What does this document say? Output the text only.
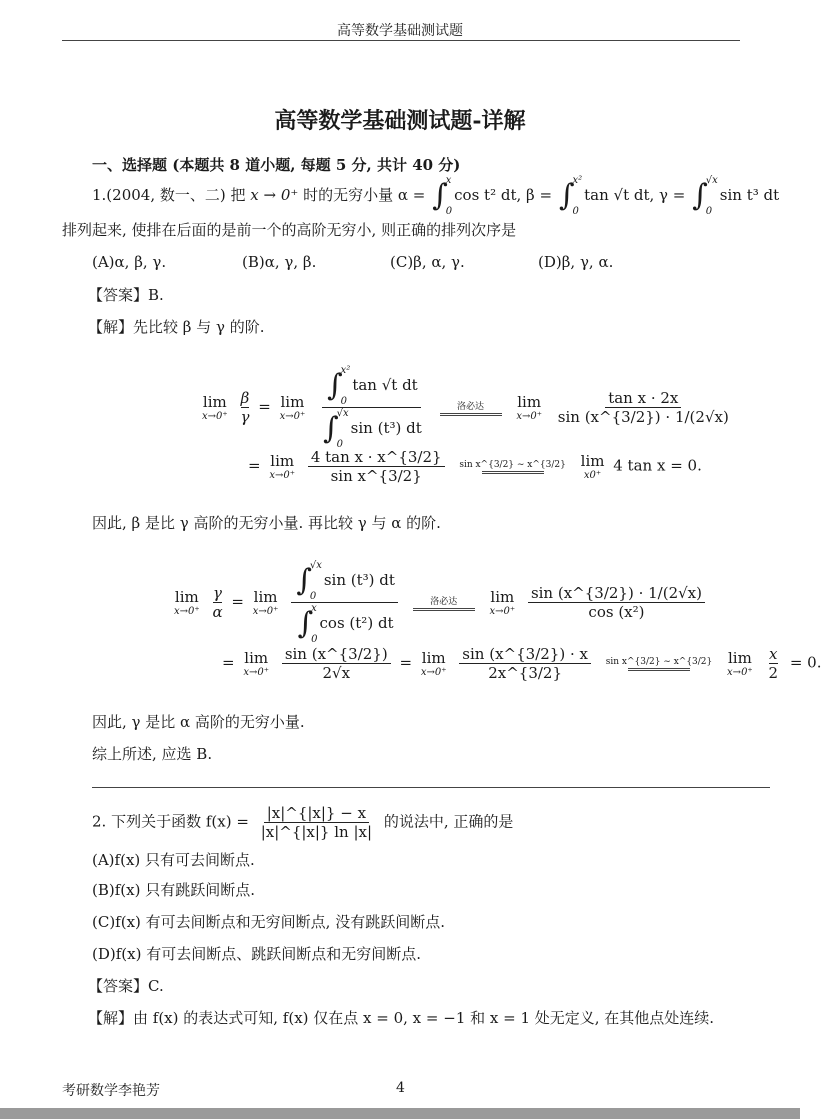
高等数学基础测试题
高等数学基础测试题-详解
一、选择题 (本题共 8 道小题, 每题 5 分, 共计 40 分)
1.(2004, 数一、二) 把 x → 0⁺ 时的无穷小量 α = ∫
x
0
cos t² dt, β = ∫
x²
0
tan √t dt, γ = ∫
√x
0
sin t³ dt
排列起来, 使排在后面的是前一个的高阶无穷小, 则正确的排列次序是
(A)α, β, γ.	(B)α, γ, β.	(C)β, α, γ.	(D)β, γ, α.
【答案】B.
【解】先比较 β 与 γ 的阶.
lim
x→0⁺
$\frac{\beta}{\gamma} = \lim$
x→0⁺
∫
x²
0
tan √t dt
∫
√x
0
sin (t³) dt
	洛必达
lim
x→0⁺
$\frac{\text{tan x · 2x}}{\sin (x\^{}\{3/2\}) \cdot 1/(2√x)}$
= lim
x→0⁺
$\frac{\text{4 tan x · x\textasciicircum{}\{3/2\}}}{\text{sin x\textasciicircum{}\{3/2\}}}$
sin x^{3/2} ∼ x^{3/2}
lim
x0⁺
4 tan x = 0.
因此, β 是比 γ 高阶的无穷小量. 再比较 γ 与 α 的阶.
lim
x→0⁺
$\frac{\gamma}{\alpha} = \lim$
x→0⁺
∫
√x
0
sin (t³) dt
∫
x
0
cos (t²) dt
	洛必达
lim
x→0⁺
$\frac{\sin (x\^{}\{3/2\}) \cdot 1/(2√x)}{\text{cos (x²)}}$
= lim
x→0⁺
$\frac{\sin (x\^{}\{3/2\})}{2√x} = \lim$
x→0⁺
$\frac{\sin (x\^{}\{3/2\}) \cdot x}{2x\^{}\{3/2\}}$
sin x^{3/2} ∼ x^{3/2}
lim
x→0⁺
$\frac{x}{2} = 0$.
因此, γ 是比 α 高阶的无穷小量.
综上所述, 应选 B.
2. 下列关于函数 $f(x) = \frac{|x|\^{}\{|x|\} - x}{|x|\^{}\{|x|\} \ln |x|}$ 的说法中, 正确的是
(A)f(x) 只有可去间断点.
(B)f(x) 只有跳跃间断点.
(C)f(x) 有可去间断点和无穷间断点, 没有跳跃间断点.
(D)f(x) 有可去间断点、跳跃间断点和无穷间断点.
【答案】C.
【解】由 f(x) 的表达式可知, f(x) 仅在点 x = 0, x = −1 和 x = 1 处无定义, 在其他点处连续.
考研数学李艳芳	4
